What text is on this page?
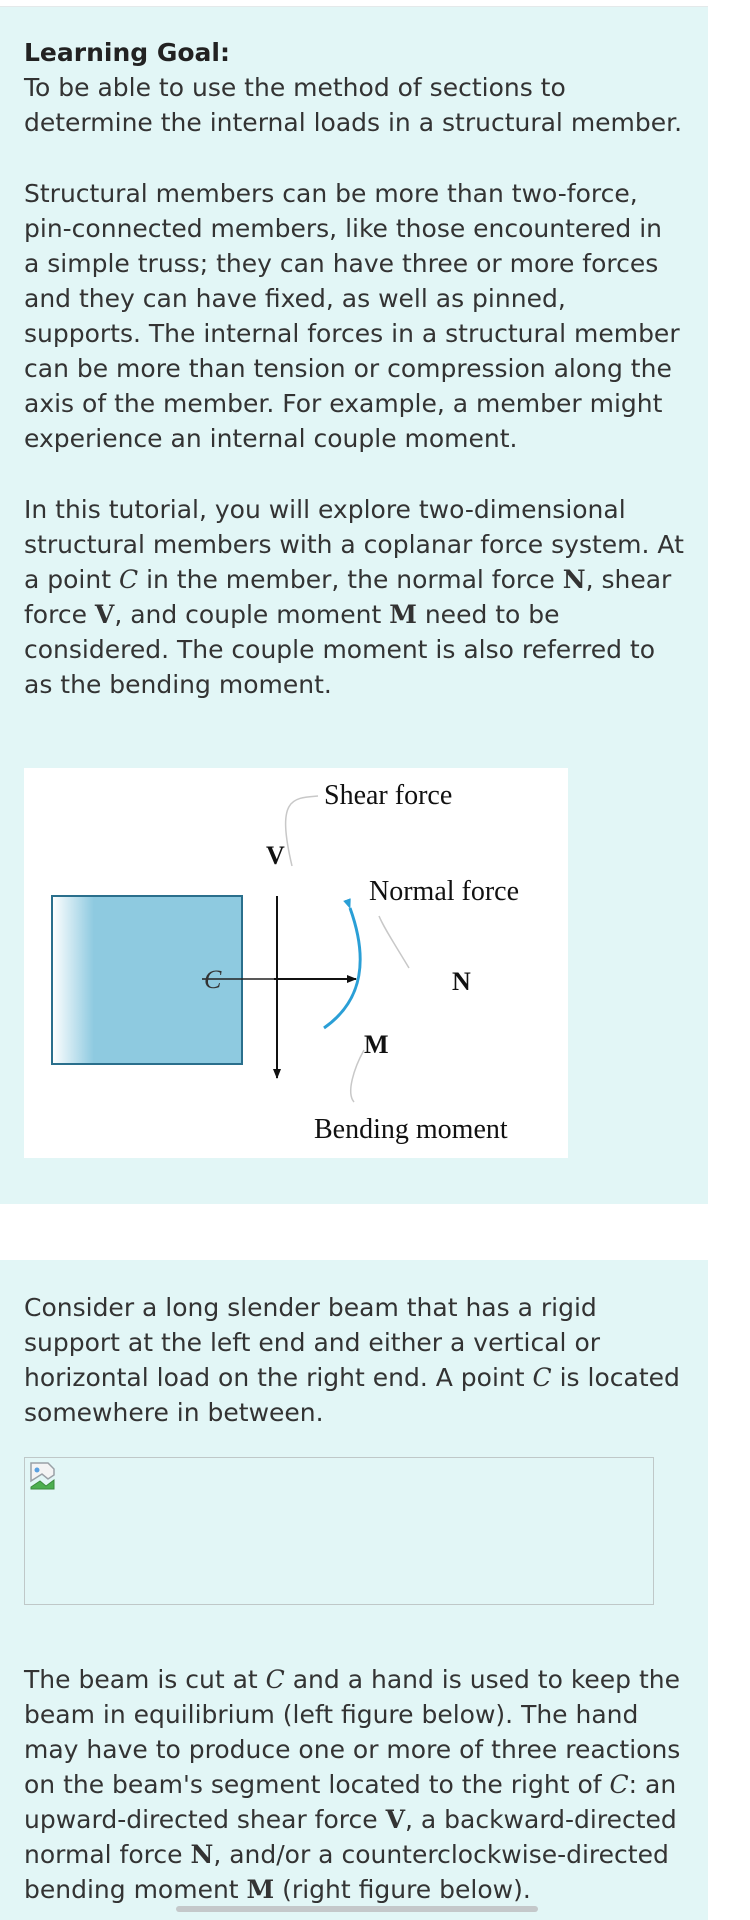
Learning Goal:

To be able to use the method of sections to determine the internal loads in a structural member.

Structural members can be more than two-force, pin-connected members, like those encountered in a simple truss; they can have three or more forces and they can have fixed, as well as pinned, supports. The internal forces in a structural member can be more than tension or compression along the axis of the member. For example, a member might experience an internal couple moment.

In this tutorial, you will explore two-dimensional structural members with a coplanar force system. At a point C in the member, the normal force N, shear force V, and couple moment M need to be considered. The couple moment is also referred to as the bending moment.

Shear force
V
Normal force
C	N
M
Bending moment

Consider a long slender beam that has a rigid support at the left end and either a vertical or horizontal load on the right end. A point C is located somewhere in between.

The beam is cut at C and a hand is used to keep the beam in equilibrium (left figure below). The hand may have to produce one or more of three reactions on the beam's segment located to the right of C: an upward-directed shear force V, a backward-directed normal force N, and/or a counterclockwise-directed bending moment M (right figure below).
